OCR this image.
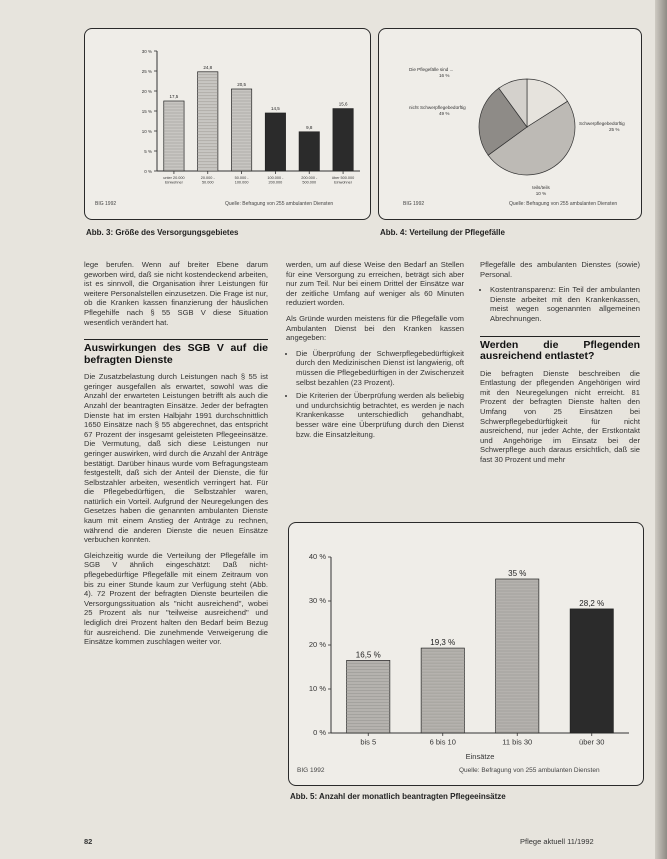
30 %
25 %
20 %
15 %
10 %
5 %
0 %
17,5
unter 20.000
Einwohner
24,8
20.000 -
50.000
20,5
50.000 -
100.000
14,5
100.000 -
200.000
9,8
200.000 -
500.000
15,6
über 500.000
Einwohner
BIG 1992	Quelle: Befragung von 255 ambulanten Diensten
Abb. 3: Größe des Versorgungsgebietes
Die Pflegefälle sind ...
16 %
nicht Schwerpflegebedürftig
49 %
Schwerpflegebedürftig
25 %
teils/teils
10 %
BIG 1992	Quelle: Befragung von 255 ambulanten Diensten
Abb. 4: Verteilung der Pflegefälle

lege berufen. Wenn auf breiter Ebene darum geworben wird, daß sie nicht kostendeckend arbeiten, ist es sinnvoll, die Organisation ihrer Leistungen für weitere Personalstellen einzusetzen. Die Frage ist nur, ob die Kranken kassen finanzierung der häuslichen Pflegehilfe nach § 55 SGB V diese Situation wesentlich verändert hat.

Auswirkungen des SGB V auf die befragten Dienste

Die Zusatzbelastung durch Leistungen nach § 55 ist geringer ausgefallen als erwartet, sowohl was die Anzahl der erwarteten Leistungen betrifft als auch die Anzahl der beantragten Einsätze. Jeder der befragten Dienste hat im ersten Halbjahr 1991 durchschnittlich 1650 Einsätze nach § 55 abgerechnet, das entspricht 67 Prozent der insgesamt geleisteten Pflegeeinsätze. Die Vermutung, daß sich diese Leistungen nur geringer auswirken, wird durch die Anzahl der Anträge bestätigt. Darüber hinaus wurde vom Befragungsteam festgestellt, daß sich der Anteil der Dienste, die für Selbstzahler arbeiten, wesentlich verringert hat. Für die Pflegebedürftigen, die Selbstzahler waren, natürlich ein Vorteil. Aufgrund der Neuregelungen des Gesetzes haben die genannten ambulanten Dienste kaum mit einem Anstieg der Anträge zu rechnen, während die anderen Dienste die neuen Einsätze verbuchen konnten.

Gleichzeitig wurde die Verteilung der Pflegefälle im SGB V ähnlich eingeschätzt: Daß nicht-pflegebedürftige Pflegefälle mit einem Zeitraum von bis zu einer Stunde kaum zur Verfügung steht (Abb. 4). 72 Prozent der befragten Dienste beurteilen die Versorgungssituation als "nicht ausreichend", wobei 25 Prozent als nur "teilweise ausreichend" und lediglich drei Prozent halten den Bedarf beim Bezug für ausreichend. Die zunehmende Verweigerung die Einsätze kommen zuschlagen weiter vor.

werden, um auf diese Weise den Bedarf an Stellen für eine Versorgung zu erreichen, beträgt sich aber nur zum Teil. Nur bei einem Drittel der Einsätze war der zeitliche Umfang auf weniger als 60 Minuten reduziert worden.

Als Gründe wurden meistens für die Pflegefälle vom Ambulanten Dienst bei den Kranken kassen angegeben:

• Die Überprüfung der Schwerpflegebedürftigkeit durch den Medizinischen Dienst ist langwierig, oft müssen die Pflegebedürftigen in der Zwischenzeit selbst bezahlen (23 Prozent).
• Die Kriterien der Überprüfung werden als beliebig und undurchsichtig betrachtet, es werden je nach Krankenkasse unterschiedlich gehandhabt, besser wäre eine Überprüfung durch den Dienst bzw. die Einsatzleitung.

Pflegefälle des ambulanten Dienstes (sowie) Personal.

• Kostentransparenz: Ein Teil der ambulanten Dienste arbeitet mit den Krankenkassen, meist wegen sogenannten allgemeinen Abrechnungen.
Werden die Pflegenden ausreichend entlastet?

Die befragten Dienste beschreiben die Entlastung der pflegenden Angehörigen wird mit den Neuregelungen nicht erreicht. 81 Prozent der befragten Dienste halten den Umfang von 25 Einsätzen bei Schwerpflegebedürftigkeit für nicht ausreichend, nur jeder Achte, der Erstkontakt und Angehörige im Einsatz bei der Schwerpflege auch daraus ersichtlich, daß sie fast 30 Prozent und mehr

40 %
30 %
20 %
10 %
0 %
16,5 %
bis 5
19,3 %
6 bis 10
35 %
11 bis 30
28,2 %
über 30
Einsätze
BIG 1992	Quelle: Befragung von 255 ambulanten Diensten
Abb. 5: Anzahl der monatlich beantragten Pflegeeinsätze
82	Pflege aktuell 11/1992
